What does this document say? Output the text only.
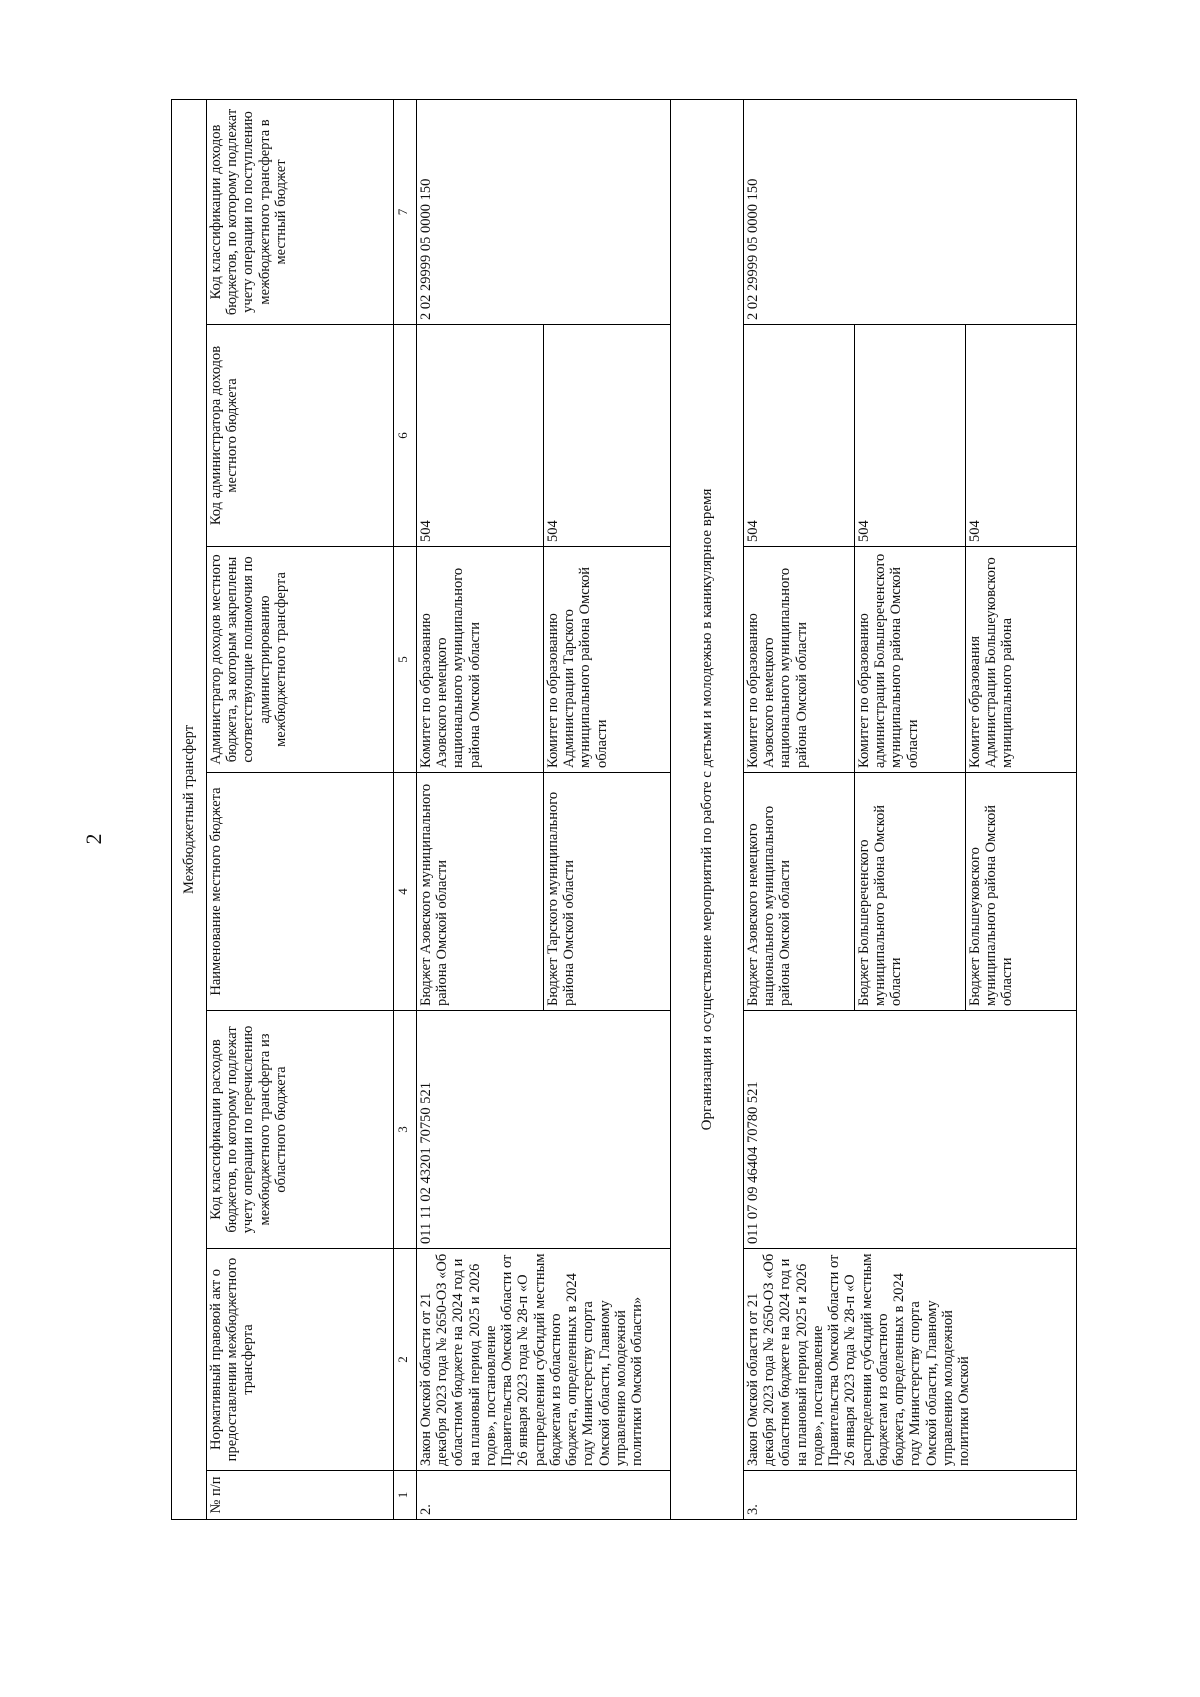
2	Межбюджетный трансферт						
№ п/п	Нормативный правовой акт о предоставлении межбюджетного трансферта	Код классификации расходов бюджетов, по которому подлежат учету операции по перечислению межбюджетного трансферта из областного бюджета	Наименование местного бюджета	Администратор доходов местного бюджета, за которым закреплены соответствующие полномочия по администрированию межбюджетного трансферта	Код администратора доходов местного бюджета	Код классификации доходов бюджетов, по которому подлежат учету операции по поступлению межбюджетного трансферта в местный бюджет
1	2	3	4	5	6	7
2.	Закон Омской области от 21 декабря 2023 года № 2650-ОЗ «Об областном бюджете на 2024 год и на плановый период 2025 и 2026 годов», постановление Правительства Омской области от 26 января 2023 года № 28-п «О распределении субсидий местным бюджетам из областного бюджета, определенных в 2024 году Министерству спорта Омской области, Главному управлению молодежной политики Омской области»	011 11 02 43201 70750 521	Бюджет Азовского муниципального района Омской области	Комитет по образованию Азовского немецкого национального муниципального района Омской области	504	2 02 29999 05 0000 150
			Бюджет Тарского муниципального района Омской области	Комитет по образованию Администрации Тарского муниципального района Омской области	504	
Организация и осуществление мероприятий по работе с детьми и молодежью в каникулярное время						
3.	Закон Омской области от 21 декабря 2023 года № 2650-ОЗ «Об областном бюджете на 2024 год и на плановый период 2025 и 2026 годов», постановление Правительства Омской области от 26 января 2023 года № 28-п «О распределении субсидий местным бюджетам из областного бюджета, определенных в 2024 году Министерству спорта Омской области, Главному управлению молодежной политики Омской	011 07 09 46404 70780 521	Бюджет Азовского немецкого национального муниципального района Омской области	Комитет по образованию Азовского немецкого национального муниципального района Омской области	504	2 02 29999 05 0000 150
			Бюджет Большереченского муниципального района Омской области	Комитет по образованию администрации Большереченского муниципального района Омской области	504	
			Бюджет Большеуковского муниципального района Омской области	Комитет образования Администрации Большеуковского муниципального района	504	
